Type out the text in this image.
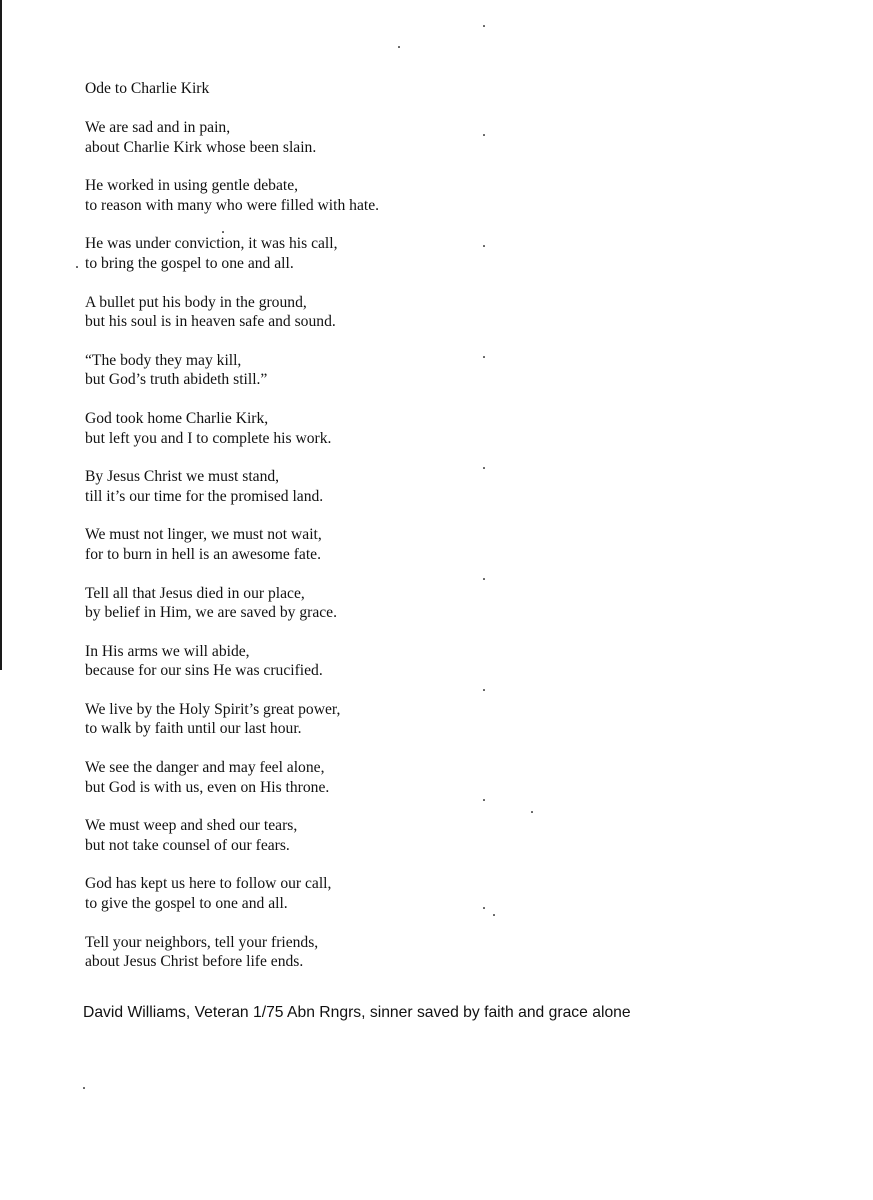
Ode to Charlie Kirk
We are sad and in pain,
about Charlie Kirk whose been slain.
He worked in using gentle debate,
to reason with many who were filled with hate.
He was under conviction, it was his call,
to bring the gospel to one and all.
A bullet put his body in the ground,
but his soul is in heaven safe and sound.
“The body they may kill,
but God’s truth abideth still.”
God took home Charlie Kirk,
but left you and I to complete his work.
By Jesus Christ we must stand,
till it’s our time for the promised land.
We must not linger, we must not wait,
for to burn in hell is an awesome fate.
Tell all that Jesus died in our place,
by belief in Him, we are saved by grace.
In His arms we will abide,
because for our sins He was crucified.
We live by the Holy Spirit’s great power,
to walk by faith until our last hour.
We see the danger and may feel alone,
but God is with us, even on His throne.
We must weep and shed our tears,
but not take counsel of our fears.
God has kept us here to follow our call,
to give the gospel to one and all.
Tell your neighbors, tell your friends,
about Jesus Christ before life ends.
David Williams, Veteran 1/75 Abn Rngrs, sinner saved by faith and grace alone
